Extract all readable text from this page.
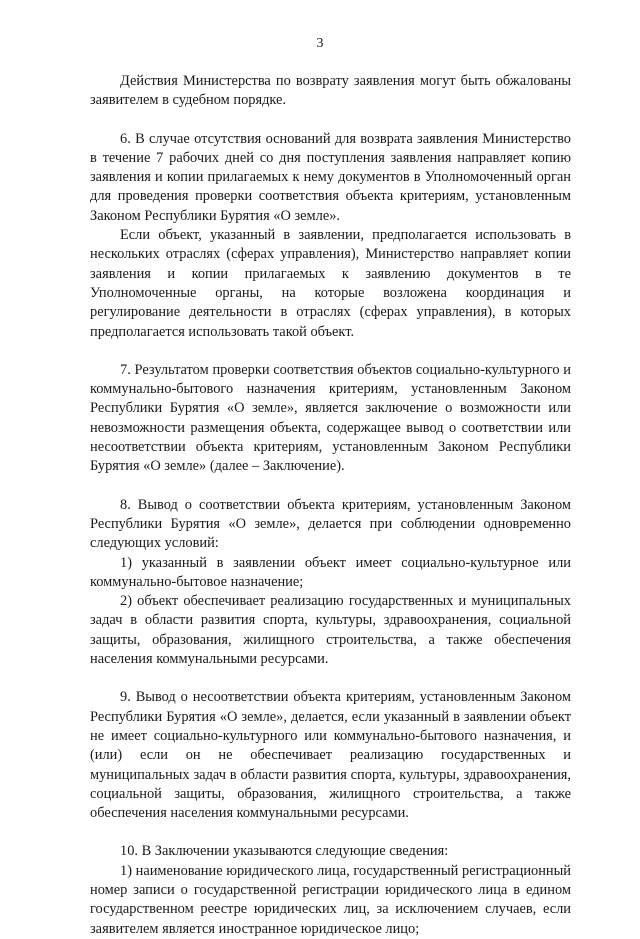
3

Действия Министерства по возврату заявления могут быть обжалованы заявителем в судебном порядке.

6. В случае отсутствия оснований для возврата заявления Министерство в течение 7 рабочих дней со дня поступления заявления направляет копию заявления и копии прилагаемых к нему документов в Уполномоченный орган для проведения проверки соответствия объекта критериям, установленным Законом Республики Бурятия «О земле».

Если объект, указанный в заявлении, предполагается использовать в нескольких отраслях (сферах управления), Министерство направляет копии заявления и копии прилагаемых к заявлению документов в те Уполномоченные органы, на которые возложена координация и регулирование деятельности в отраслях (сферах управления), в которых предполагается использовать такой объект.

7. Результатом проверки соответствия объектов социально-культурного и коммунально-бытового назначения критериям, установленным Законом Республики Бурятия «О земле», является заключение о возможности или невозможности размещения объекта, содержащее вывод о соответствии или несоответствии объекта критериям, установленным Законом Республики Бурятия «О земле» (далее – Заключение).

8. Вывод о соответствии объекта критериям, установленным Законом Республики Бурятия «О земле», делается при соблюдении одновременно следующих условий:

1) указанный в заявлении объект имеет социально-культурное или коммунально-бытовое назначение;

2) объект обеспечивает реализацию государственных и муниципальных задач в области развития спорта, культуры, здравоохранения, социальной защиты, образования, жилищного строительства, а также обеспечения населения коммунальными ресурсами.

9. Вывод о несоответствии объекта критериям, установленным Законом Республики Бурятия «О земле», делается, если указанный в заявлении объект не имеет социально-культурного или коммунально-бытового назначения, и (или) если он не обеспечивает реализацию государственных и муниципальных задач в области развития спорта, культуры, здравоохранения, социальной защиты, образования, жилищного строительства, а также обеспечения населения коммунальными ресурсами.

10. В Заключении указываются следующие сведения:

1) наименование юридического лица, государственный регистрационный номер записи о государственной регистрации юридического лица в едином государственном реестре юридических лиц, за исключением случаев, если заявителем является иностранное юридическое лицо;
